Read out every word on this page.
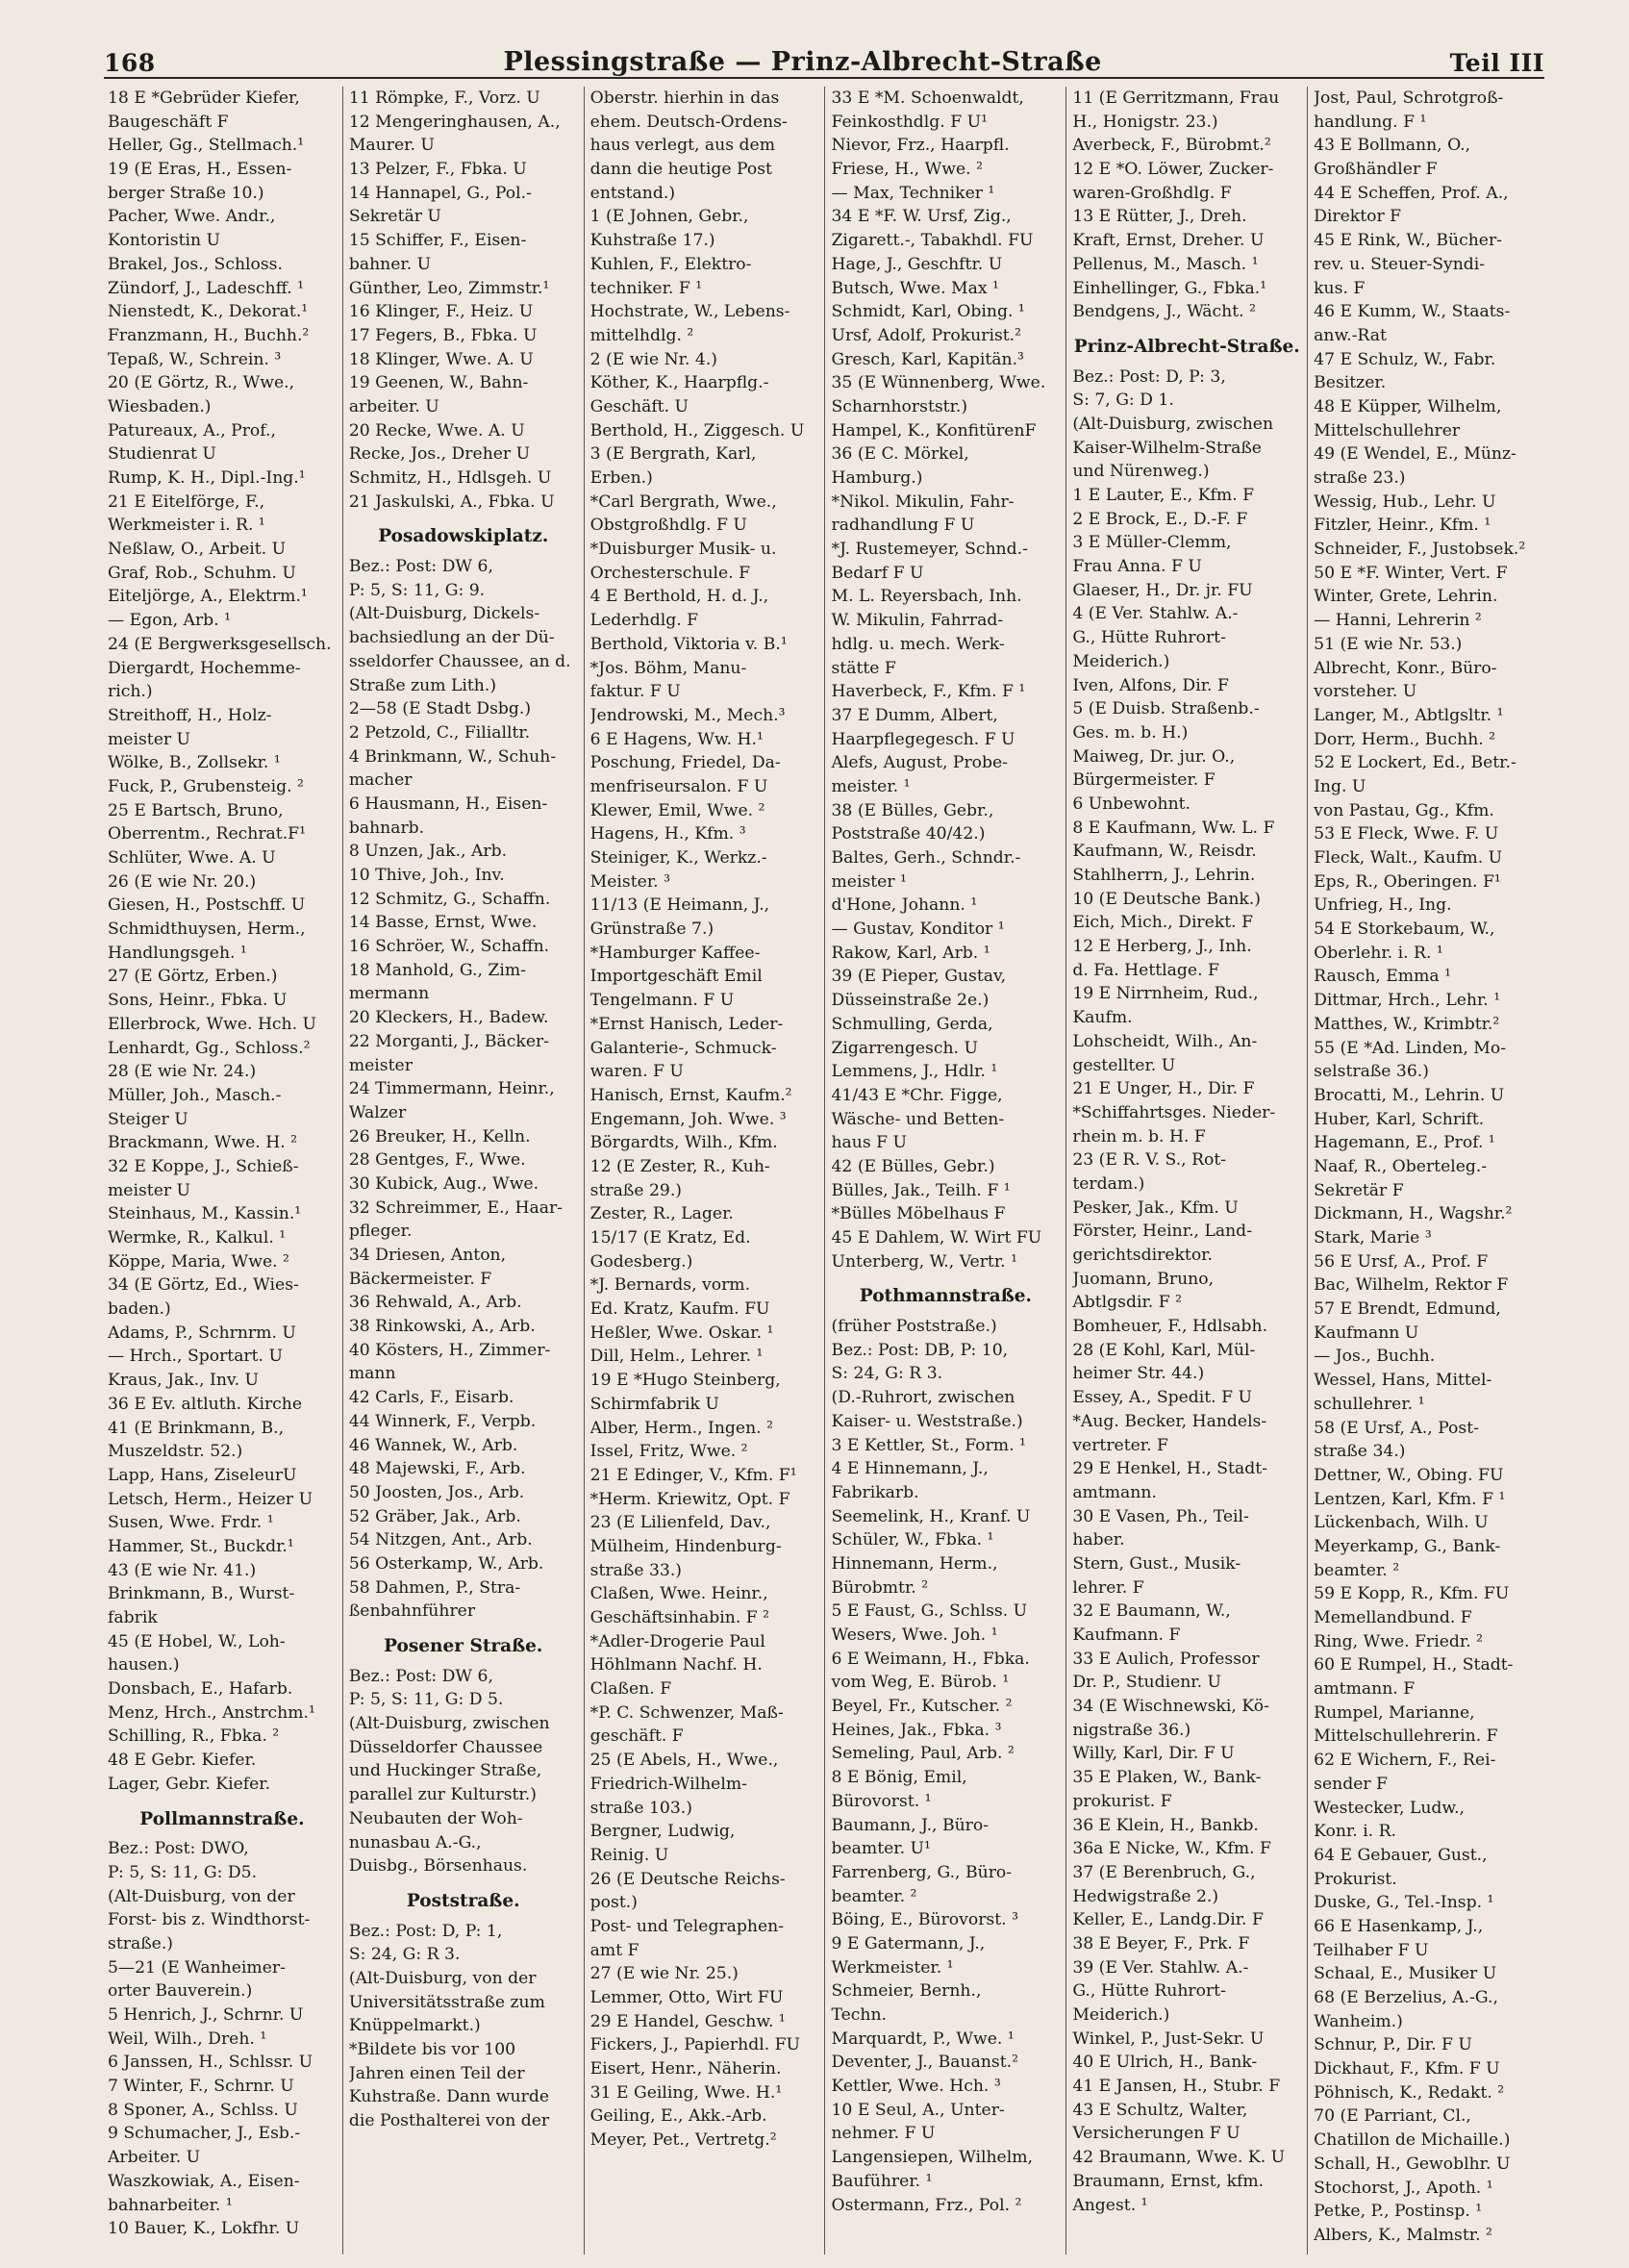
168	Plessingstraße — Prinz-Albrecht-Straße	Teil III
18 E *Gebrüder Kiefer,
Baugeschäft F
Heller, Gg., Stellmach.¹
19 (E Eras, H., Essen-
berger Straße 10.)
Pacher, Wwe. Andr.,
Kontoristin U
Brakel, Jos., Schloss.
Zündorf, J., Ladeschff. ¹
Nienstedt, K., Dekorat.¹
Franzmann, H., Buchh.²
Tepaß, W., Schrein. ³
20 (E Görtz, R., Wwe.,
Wiesbaden.)
Patureaux, A., Prof.,
Studienrat U
Rump, K. H., Dipl.-Ing.¹
21 E Eitelförge, F.,
Werkmeister i. R. ¹
Neßlaw, O., Arbeit. U
Graf, Rob., Schuhm. U
Eiteljörge, A., Elektrm.¹
— Egon, Arb. ¹
24 (E Bergwerksgesellsch.
Diergardt, Hochemme-
rich.)
Streithoff, H., Holz-
meister U
Wölke, B., Zollsekr. ¹
Fuck, P., Grubensteig. ²
25 E Bartsch, Bruno,
Oberrentm., Rechrat.F¹
Schlüter, Wwe. A. U
26 (E wie Nr. 20.)
Giesen, H., Postschff. U
Schmidthuysen, Herm.,
Handlungsgeh. ¹
27 (E Görtz, Erben.)
Sons, Heinr., Fbka. U
Ellerbrock, Wwe. Hch. U
Lenhardt, Gg., Schloss.²
28 (E wie Nr. 24.)
Müller, Joh., Masch.-
Steiger U
Brackmann, Wwe. H. ²
32 E Koppe, J., Schieß-
meister U
Steinhaus, M., Kassin.¹
Wermke, R., Kalkul. ¹
Köppe, Maria, Wwe. ²
34 (E Görtz, Ed., Wies-
baden.)
Adams, P., Schrnrm. U
— Hrch., Sportart. U
Kraus, Jak., Inv. U
36 E Ev. altluth. Kirche
41 (E Brinkmann, B.,
Muszeldstr. 52.)
Lapp, Hans, ZiseleurU
Letsch, Herm., Heizer U
Susen, Wwe. Frdr. ¹
Hammer, St., Buckdr.¹
43 (E wie Nr. 41.)
Brinkmann, B., Wurst-
fabrik
45 (E Hobel, W., Loh-
hausen.)
Donsbach, E., Hafarb.
Menz, Hrch., Anstrchm.¹
Schilling, R., Fbka. ²
48 E Gebr. Kiefer.
Lager, Gebr. Kiefer.
Pollmannstraße.
Bez.: Post: DWO,
P: 5, S: 11, G: D5.
(Alt-Duisburg, von der
Forst- bis z. Windthorst-
straße.)
5—21 (E Wanheimer-
orter Bauverein.)
5 Henrich, J., Schrnr. U
Weil, Wilh., Dreh. ¹
6 Janssen, H., Schlssr. U
7 Winter, F., Schrnr. U
8 Sponer, A., Schlss. U
9 Schumacher, J., Esb.-
Arbeiter. U
Waszkowiak, A., Eisen-
bahnarbeiter. ¹
10 Bauer, K., Lokfhr. U
11 Römpke, F., Vorz. U
12 Mengeringhausen, A.,
Maurer. U
13 Pelzer, F., Fbka. U
14 Hannapel, G., Pol.-
Sekretär U
15 Schiffer, F., Eisen-
bahner. U
Günther, Leo, Zimmstr.¹
16 Klinger, F., Heiz. U
17 Fegers, B., Fbka. U
18 Klinger, Wwe. A. U
19 Geenen, W., Bahn-
arbeiter. U
20 Recke, Wwe. A. U
Recke, Jos., Dreher U
Schmitz, H., Hdlsgeh. U
21 Jaskulski, A., Fbka. U
Posadowskiplatz.
Bez.: Post: DW 6,
P: 5, S: 11, G: 9.
(Alt-Duisburg, Dickels-
bachsiedlung an der Dü-
sseldorfer Chaussee, an d.
Straße zum Lith.)
2—58 (E Stadt Dsbg.)
2 Petzold, C., Filialltr.
4 Brinkmann, W., Schuh-
macher
6 Hausmann, H., Eisen-
bahnarb.
8 Unzen, Jak., Arb.
10 Thive, Joh., Inv.
12 Schmitz, G., Schaffn.
14 Basse, Ernst, Wwe.
16 Schröer, W., Schaffn.
18 Manhold, G., Zim-
mermann
20 Kleckers, H., Badew.
22 Morganti, J., Bäcker-
meister
24 Timmermann, Heinr.,
Walzer
26 Breuker, H., Kelln.
28 Gentges, F., Wwe.
30 Kubick, Aug., Wwe.
32 Schreimmer, E., Haar-
pfleger.
34 Driesen, Anton,
Bäckermeister. F
36 Rehwald, A., Arb.
38 Rinkowski, A., Arb.
40 Kösters, H., Zimmer-
mann
42 Carls, F., Eisarb.
44 Winnerk, F., Verpb.
46 Wannek, W., Arb.
48 Majewski, F., Arb.
50 Joosten, Jos., Arb.
52 Gräber, Jak., Arb.
54 Nitzgen, Ant., Arb.
56 Osterkamp, W., Arb.
58 Dahmen, P., Stra-
ßenbahnführer
Posener Straße.
Bez.: Post: DW 6,
P: 5, S: 11, G: D 5.
(Alt-Duisburg, zwischen
Düsseldorfer Chaussee
und Huckinger Straße,
parallel zur Kulturstr.)
Neubauten der Woh-
nunasbau A.-G.,
Duisbg., Börsenhaus.
Poststraße.
Bez.: Post: D, P: 1,
S: 24, G: R 3.
(Alt-Duisburg, von der
Universitätsstraße zum
Knüppelmarkt.)
*Bildete bis vor 100
Jahren einen Teil der
Kuhstraße. Dann wurde
die Posthalterei von der
Oberstr. hierhin in das
ehem. Deutsch-Ordens-
haus verlegt, aus dem
dann die heutige Post
entstand.)
1 (E Johnen, Gebr.,
Kuhstraße 17.)
Kuhlen, F., Elektro-
techniker. F ¹
Hochstrate, W., Lebens-
mittelhdlg. ²
2 (E wie Nr. 4.)
Köther, K., Haarpflg.-
Geschäft. U
Berthold, H., Ziggesch. U
3 (E Bergrath, Karl,
Erben.)
*Carl Bergrath, Wwe.,
Obstgroßhdlg. F U
*Duisburger Musik- u.
Orchesterschule. F
4 E Berthold, H. d. J.,
Lederhdlg. F
Berthold, Viktoria v. B.¹
*Jos. Böhm, Manu-
faktur. F U
Jendrowski, M., Mech.³
6 E Hagens, Ww. H.¹
Poschung, Friedel, Da-
menfriseursalon. F U
Klewer, Emil, Wwe. ²
Hagens, H., Kfm. ³
Steiniger, K., Werkz.-
Meister. ³
11/13 (E Heimann, J.,
Grünstraße 7.)
*Hamburger Kaffee-
Importgeschäft Emil
Tengelmann. F U
*Ernst Hanisch, Leder-
Galanterie-, Schmuck-
waren. F U
Hanisch, Ernst, Kaufm.²
Engemann, Joh. Wwe. ³
Börgardts, Wilh., Kfm.
12 (E Zester, R., Kuh-
straße 29.)
Zester, R., Lager.
15/17 (E Kratz, Ed.
Godesberg.)
*J. Bernards, vorm.
Ed. Kratz, Kaufm. FU
Heßler, Wwe. Oskar. ¹
Dill, Helm., Lehrer. ¹
19 E *Hugo Steinberg,
Schirmfabrik U
Alber, Herm., Ingen. ²
Issel, Fritz, Wwe. ²
21 E Edinger, V., Kfm. F¹
*Herm. Kriewitz, Opt. F
23 (E Lilienfeld, Dav.,
Mülheim, Hindenburg-
straße 33.)
Claßen, Wwe. Heinr.,
Geschäftsinhabin. F ²
*Adler-Drogerie Paul
Höhlmann Nachf. H.
Claßen. F
*P. C. Schwenzer, Maß-
geschäft. F
25 (E Abels, H., Wwe.,
Friedrich-Wilhelm-
straße 103.)
Bergner, Ludwig,
Reinig. U
26 (E Deutsche Reichs-
post.)
Post- und Telegraphen-
amt F
27 (E wie Nr. 25.)
Lemmer, Otto, Wirt FU
29 E Handel, Geschw. ¹
Fickers, J., Papierhdl. FU
Eisert, Henr., Näherin.
31 E Geiling, Wwe. H.¹
Geiling, E., Akk.-Arb.
Meyer, Pet., Vertretg.²
33 E *M. Schoenwaldt,
Feinkosthdlg. F U¹
Nievor, Frz., Haarpfl.
Friese, H., Wwe. ²
— Max, Techniker ¹
34 E *F. W. Ursf, Zig.,
Zigarett.-, Tabakhdl. FU
Hage, J., Geschftr. U
Butsch, Wwe. Max ¹
Schmidt, Karl, Obing. ¹
Ursf, Adolf, Prokurist.²
Gresch, Karl, Kapitän.³
35 (E Wünnenberg, Wwe.
Scharnhorststr.)
Hampel, K., KonfitürenF
36 (E C. Mörkel,
Hamburg.)
*Nikol. Mikulin, Fahr-
radhandlung F U
*J. Rustemeyer, Schnd.-
Bedarf F U
M. L. Reyersbach, Inh.
W. Mikulin, Fahrrad-
hdlg. u. mech. Werk-
stätte F
Haverbeck, F., Kfm. F ¹
37 E Dumm, Albert,
Haarpflegegesch. F U
Alefs, August, Probe-
meister. ¹
38 (E Bülles, Gebr.,
Poststraße 40/42.)
Baltes, Gerh., Schndr.-
meister ¹
d'Hone, Johann. ¹
— Gustav, Konditor ¹
Rakow, Karl, Arb. ¹
39 (E Pieper, Gustav,
Düsseinstraße 2e.)
Schmulling, Gerda,
Zigarrengesch. U
Lemmens, J., Hdlr. ¹
41/43 E *Chr. Figge,
Wäsche- und Betten-
haus F U
42 (E Bülles, Gebr.)
Bülles, Jak., Teilh. F ¹
*Bülles Möbelhaus F
45 E Dahlem, W. Wirt FU
Unterberg, W., Vertr. ¹
Pothmannstraße.
(früher Poststraße.)
Bez.: Post: DB, P: 10,
S: 24, G: R 3.
(D.-Ruhrort, zwischen
Kaiser- u. Weststraße.)
3 E Kettler, St., Form. ¹
4 E Hinnemann, J.,
Fabrikarb.
Seemelink, H., Kranf. U
Schüler, W., Fbka. ¹
Hinnemann, Herm.,
Bürobmtr. ²
5 E Faust, G., Schlss. U
Wesers, Wwe. Joh. ¹
6 E Weimann, H., Fbka.
vom Weg, E. Bürob. ¹
Beyel, Fr., Kutscher. ²
Heines, Jak., Fbka. ³
Semeling, Paul, Arb. ²
8 E Bönig, Emil,
Bürovorst. ¹
Baumann, J., Büro-
beamter. U¹
Farrenberg, G., Büro-
beamter. ²
Böing, E., Bürovorst. ³
9 E Gatermann, J.,
Werkmeister. ¹
Schmeier, Bernh.,
Techn.
Marquardt, P., Wwe. ¹
Deventer, J., Bauanst.²
Kettler, Wwe. Hch. ³
10 E Seul, A., Unter-
nehmer. F U
Langensiepen, Wilhelm,
Bauführer. ¹
Ostermann, Frz., Pol. ²
11 (E Gerritzmann, Frau
H., Honigstr. 23.)
Averbeck, F., Bürobmt.²
12 E *O. Löwer, Zucker-
waren-Großhdlg. F
13 E Rütter, J., Dreh.
Kraft, Ernst, Dreher. U
Pellenus, M., Masch. ¹
Einhellinger, G., Fbka.¹
Bendgens, J., Wächt. ²
Prinz-Albrecht-Straße.
Bez.: Post: D, P: 3,
S: 7, G: D 1.
(Alt-Duisburg, zwischen
Kaiser-Wilhelm-Straße
und Nürenweg.)
1 E Lauter, E., Kfm. F
2 E Brock, E., D.-F. F
3 E Müller-Clemm,
Frau Anna. F U
Glaeser, H., Dr. jr. FU
4 (E Ver. Stahlw. A.-
G., Hütte Ruhrort-
Meiderich.)
Iven, Alfons, Dir. F
5 (E Duisb. Straßenb.-
Ges. m. b. H.)
Maiweg, Dr. jur. O.,
Bürgermeister. F
6 Unbewohnt.
8 E Kaufmann, Ww. L. F
Kaufmann, W., Reisdr.
Stahlherrn, J., Lehrin.
10 (E Deutsche Bank.)
Eich, Mich., Direkt. F
12 E Herberg, J., Inh.
d. Fa. Hettlage. F
19 E Nirrnheim, Rud.,
Kaufm.
Lohscheidt, Wilh., An-
gestellter. U
21 E Unger, H., Dir. F
*Schiffahrtsges. Nieder-
rhein m. b. H. F
23 (E R. V. S., Rot-
terdam.)
Pesker, Jak., Kfm. U
Förster, Heinr., Land-
gerichtsdirektor.
Juomann, Bruno,
Abtlgsdir. F ²
Bomheuer, F., Hdlsabh.
28 (E Kohl, Karl, Mül-
heimer Str. 44.)
Essey, A., Spedit. F U
*Aug. Becker, Handels-
vertreter. F
29 E Henkel, H., Stadt-
amtmann.
30 E Vasen, Ph., Teil-
haber.
Stern, Gust., Musik-
lehrer. F
32 E Baumann, W.,
Kaufmann. F
33 E Aulich, Professor
Dr. P., Studienr. U
34 (E Wischnewski, Kö-
nigstraße 36.)
Willy, Karl, Dir. F U
35 E Plaken, W., Bank-
prokurist. F
36 E Klein, H., Bankb.
36a E Nicke, W., Kfm. F
37 (E Berenbruch, G.,
Hedwigstraße 2.)
Keller, E., Landg.Dir. F
38 E Beyer, F., Prk. F
39 (E Ver. Stahlw. A.-
G., Hütte Ruhrort-
Meiderich.)
Winkel, P., Just-Sekr. U
40 E Ulrich, H., Bank-
41 E Jansen, H., Stubr. F
43 E Schultz, Walter,
Versicherungen F U
42 Braumann, Wwe. K. U
Braumann, Ernst, kfm.
Angest. ¹
Jost, Paul, Schrotgroß-
handlung. F ¹
43 E Bollmann, O.,
Großhändler F
44 E Scheffen, Prof. A.,
Direktor F
45 E Rink, W., Bücher-
rev. u. Steuer-Syndi-
kus. F
46 E Kumm, W., Staats-
anw.-Rat
47 E Schulz, W., Fabr.
Besitzer.
48 E Küpper, Wilhelm,
Mittelschullehrer
49 (E Wendel, E., Münz-
straße 23.)
Wessig, Hub., Lehr. U
Fitzler, Heinr., Kfm. ¹
Schneider, F., Justobsek.²
50 E *F. Winter, Vert. F
Winter, Grete, Lehrin.
— Hanni, Lehrerin ²
51 (E wie Nr. 53.)
Albrecht, Konr., Büro-
vorsteher. U
Langer, M., Abtlgsltr. ¹
Dorr, Herm., Buchh. ²
52 E Lockert, Ed., Betr.-
Ing. U
von Pastau, Gg., Kfm.
53 E Fleck, Wwe. F. U
Fleck, Walt., Kaufm. U
Eps, R., Oberingen. F¹
Unfrieg, H., Ing.
54 E Storkebaum, W.,
Oberlehr. i. R. ¹
Rausch, Emma ¹
Dittmar, Hrch., Lehr. ¹
Matthes, W., Krimbtr.²
55 (E *Ad. Linden, Mo-
selstraße 36.)
Brocatti, M., Lehrin. U
Huber, Karl, Schrift.
Hagemann, E., Prof. ¹
Naaf, R., Oberteleg.-
Sekretär F
Dickmann, H., Wagshr.²
Stark, Marie ³
56 E Ursf, A., Prof. F
Bac, Wilhelm, Rektor F
57 E Brendt, Edmund,
Kaufmann U
— Jos., Buchh.
Wessel, Hans, Mittel-
schullehrer. ¹
58 (E Ursf, A., Post-
straße 34.)
Dettner, W., Obing. FU
Lentzen, Karl, Kfm. F ¹
Lückenbach, Wilh. U
Meyerkamp, G., Bank-
beamter. ²
59 E Kopp, R., Kfm. FU
Memellandbund. F
Ring, Wwe. Friedr. ²
60 E Rumpel, H., Stadt-
amtmann. F
Rumpel, Marianne,
Mittelschullehrerin. F
62 E Wichern, F., Rei-
sender F
Westecker, Ludw.,
Konr. i. R.
64 E Gebauer, Gust.,
Prokurist.
Duske, G., Tel.-Insp. ¹
66 E Hasenkamp, J.,
Teilhaber F U
Schaal, E., Musiker U
68 (E Berzelius, A.-G.,
Wanheim.)
Schnur, P., Dir. F U
Dickhaut, F., Kfm. F U
Pöhnisch, K., Redakt. ²
70 (E Parriant, Cl.,
Chatillon de Michaille.)
Schall, H., Gewoblhr. U
Stochorst, J., Apoth. ¹
Petke, P., Postinsp. ¹
Albers, K., Malmstr. ²
